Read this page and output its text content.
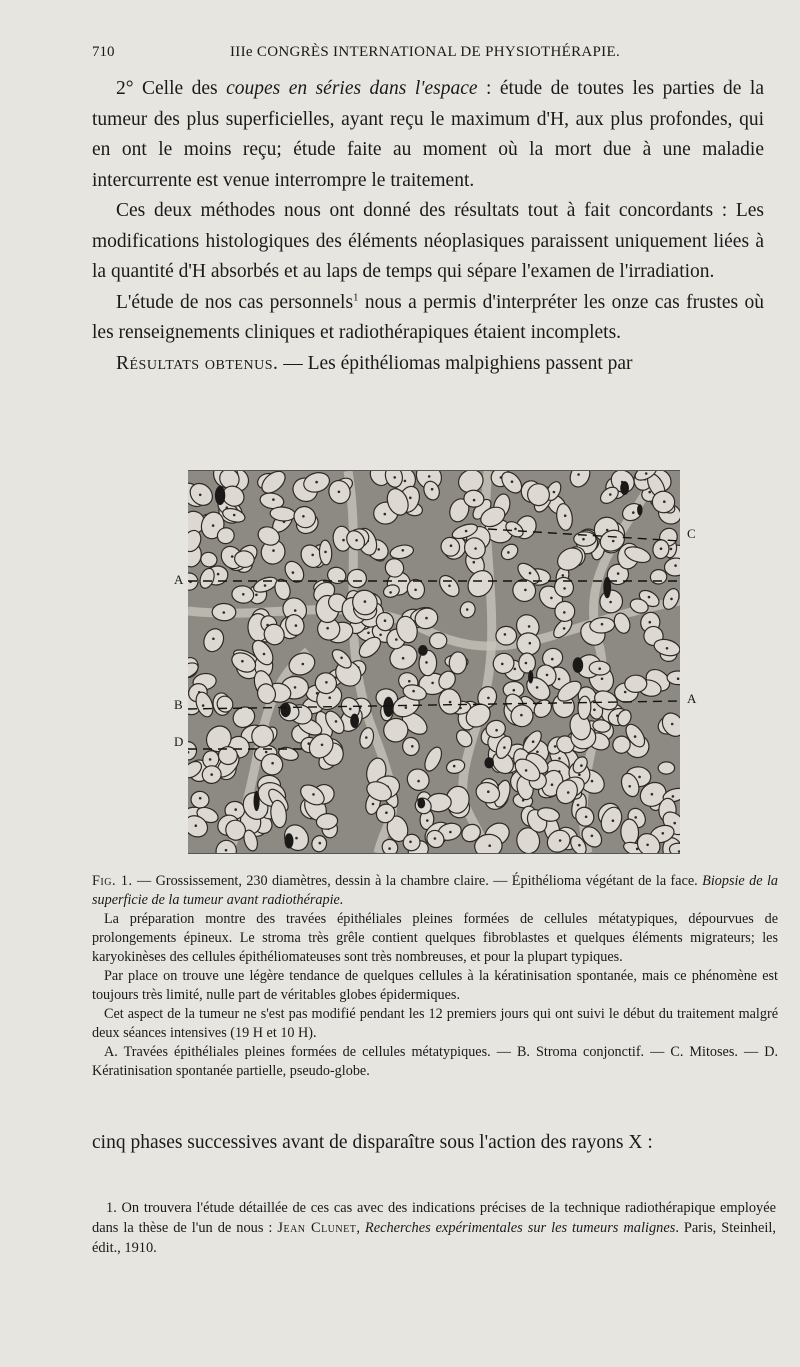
710	IIIe CONGRÈS INTERNATIONAL DE PHYSIOTHÉRAPIE.

2° Celle des coupes en séries dans l'espace : étude de toutes les parties de la tumeur des plus superficielles, ayant reçu le maximum d'H, aux plus profondes, qui en ont le moins reçu; étude faite au moment où la mort due à une maladie intercurrente est venue interrompre le traitement.

Ces deux méthodes nous ont donné des résultats tout à fait concordants : Les modifications histologiques des éléments néoplasiques paraissent uniquement liées à la quantité d'H absorbés et au laps de temps qui sépare l'examen de l'irradiation.

L'étude de nos cas personnels$^1$ nous a permis d'interpréter les onze cas frustes où les renseignements cliniques et radiothérapiques étaient incomplets.

Résultats obtenus. — Les épithéliomas malpighiens passent par

A
B
D
C
A

Fig. 1. — Grossissement, 230 diamètres, dessin à la chambre claire. — Épithélioma végétant de la face. Biopsie de la superficie de la tumeur avant radiothérapie.

La préparation montre des travées épithéliales pleines formées de cellules métatypiques, dépourvues de prolongements épineux. Le stroma très grêle contient quelques fibroblastes et quelques éléments migrateurs; les karyokinèses des cellules épithéliomateuses sont très nombreuses, et pour la plupart typiques.

Par place on trouve une légère tendance de quelques cellules à la kératinisation spontanée, mais ce phénomène est toujours très limité, nulle part de véritables globes épidermiques.

Cet aspect de la tumeur ne s'est pas modifié pendant les 12 premiers jours qui ont suivi le début du traitement malgré deux séances intensives (19 H et 10 H).

A. Travées épithéliales pleines formées de cellules métatypiques. — B. Stroma conjonctif. — C. Mitoses. — D. Kératinisation spontanée partielle, pseudo-globe.

cinq phases successives avant de disparaître sous l'action des rayons X :

1. On trouvera l'étude détaillée de ces cas avec des indications précises de la technique radiothérapique employée dans la thèse de l'un de nous : Jean Clunet, Recherches expérimentales sur les tumeurs malignes. Paris, Steinheil, édit., 1910.
